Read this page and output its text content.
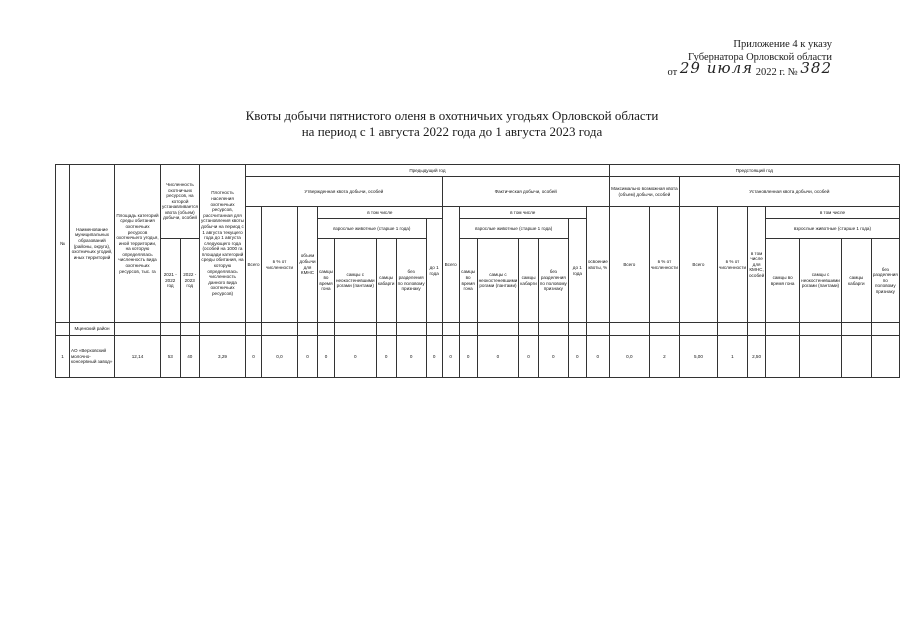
Приложение 4 к указу
Губернатора Орловской области
от 29 июля 2022 г. № 382
Квоты добычи пятнистого оленя в охотничьих угодьях Орловской области
на период с 1 августа 2022 года до 1 августа 2023 года
№	Наименование муниципальных образований (районы, округа), охотничьих угодий, иных территорий	Площадь категорий среды обитания охотничьих ресурсов охотничьего угодья, иной территории, на которую определялась численность вида охотничьих ресурсов, тыс. га	Численность охотничьих ресурсов, на которой устанавливается квота (объем) добычи, особей		Плотность населения охотничьих ресурсов, рассчитанная для установления квоты добычи на период с 1 августа текущего года до 1 августа следующего года (особей на 1000 га площади категорий среды обитания, на которую определялась численность данного вида охотничьих ресурсов)	Предыдущий год															Предстоящий год								
						Утвержденная квота добычи, особей								Фактическая добычи, особей							Максимально возможная квота (объем) добычи, особей		Установленная квота добычи, особей						
						Всего	в % от численности	объем добычи для КМНС	в том числе					Всего	в том числе					освоение квоты, %	Всего	в % от численности	Всего	в % от численности	в том числе для КМНС, особей	в том числе			
									взрослые животные (старше 1 года)				до 1 года		взрослые животные (старше 1 года)				до 1 года							взрослые животные (старше 1 года)			
			2021 - 2022 год	2022 - 2023 год					самцы во время гона	самцы с неокостеневшими рогами (пантами)	самцы кабарги	без разделения по половому признаку			самцы во время гона	самцы с неокостеневшими рогами (пантами)	самцы кабарги	без разделения по половому признаку								самцы во время гона	самцы с неокостеневшими рогами (пантами)	самцы кабарги	без разделения по половому признаку
	Мценский район																												
1	АО «Верховский молочно-консервный завод»	12,14	53	40	3,29	0	0,0	0	0	0	0	0	0	0	0	0	0	0	0	0	0,0	2	5,00	1	2,50				
